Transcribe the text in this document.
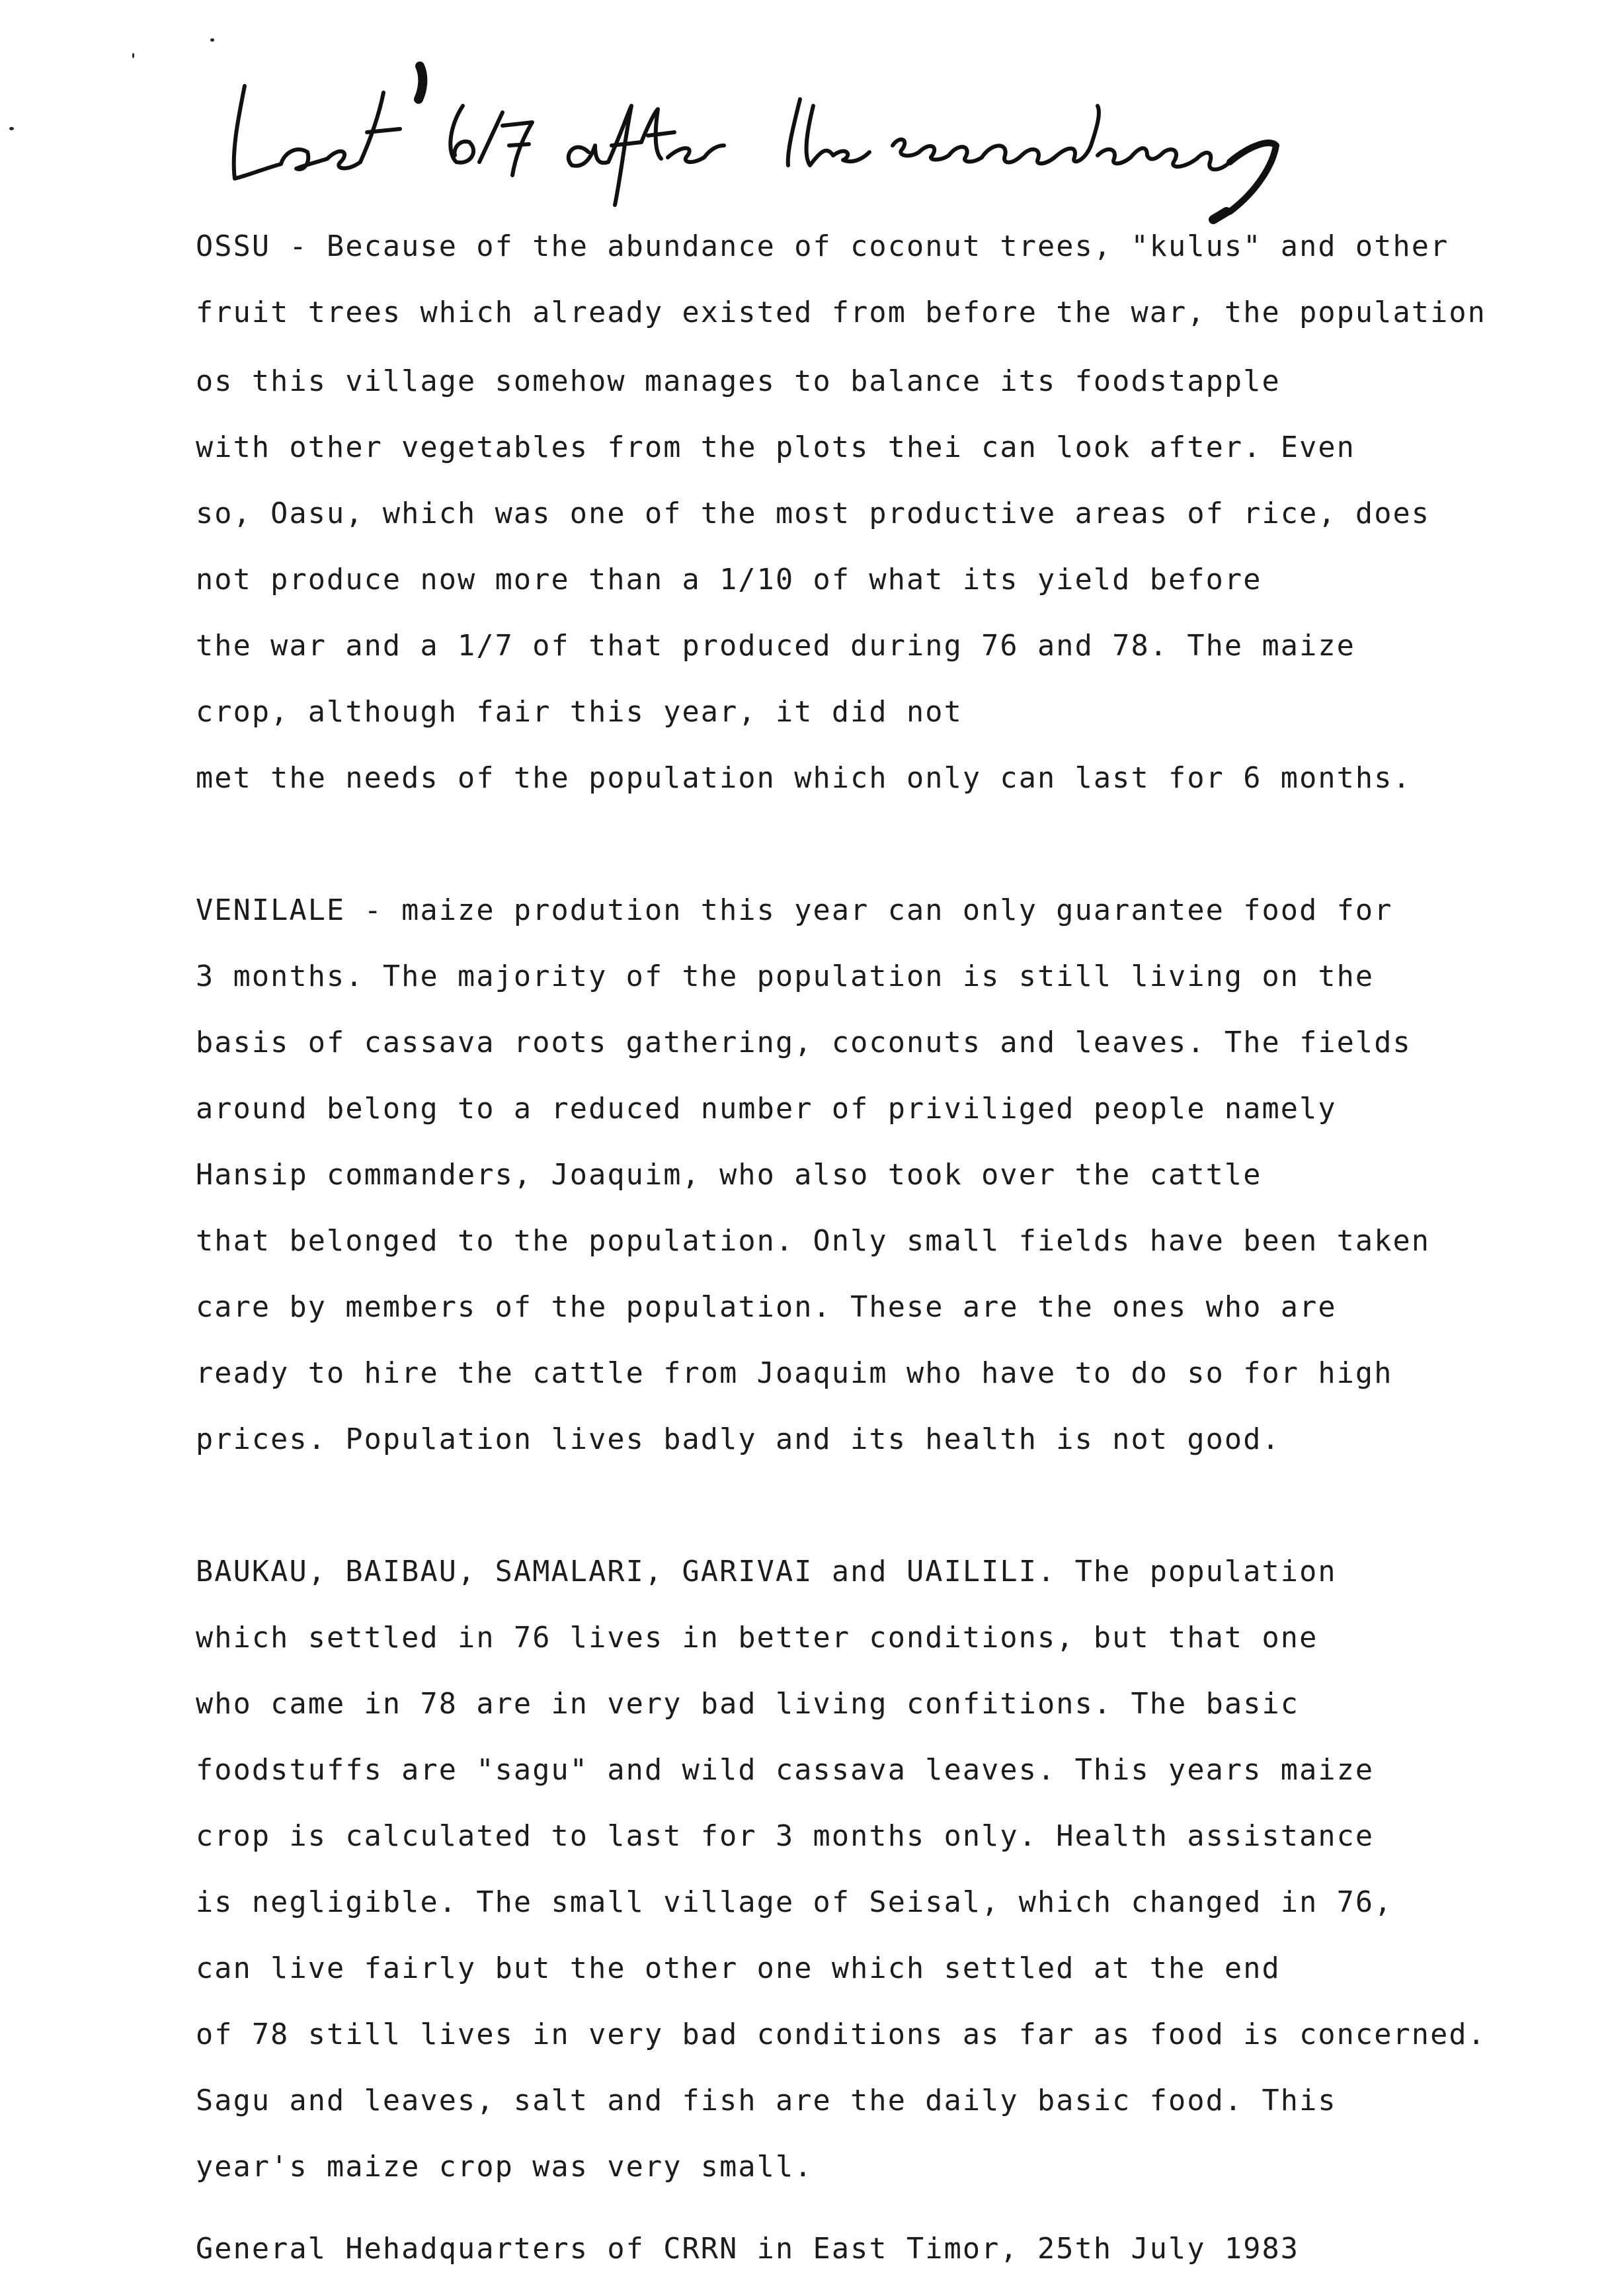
OSSU - Because of the abundance of coconut trees, "kulus" and other
fruit trees which already existed from before the war, the population
os this village somehow manages to balance its foodstapple
with other vegetables from the plots thei can look after. Even
so, Oasu, which was one of the most productive areas of rice, does
not produce now more than a 1/10 of what its yield before
the war and a 1/7 of that produced during 76 and 78. The maize
crop, although fair this year, it did not
met the needs of the population which only can last for 6 months.
VENILALE - maize prodution this year can only guarantee food for
3 months. The majority of the population is still living on the
basis of cassava roots gathering, coconuts and leaves. The fields
around belong to a reduced number of priviliged people namely
Hansip commanders, Joaquim, who also took over the cattle
that belonged to the population. Only small fields have been taken
care by members of the population. These are the ones who are
ready to hire the cattle from Joaquim who have to do so for high
prices. Population lives badly and its health is not good.
BAUKAU, BAIBAU, SAMALARI, GARIVAI and UAILILI. The population
which settled in 76 lives in better conditions, but that one
who came in 78 are in very bad living confitions. The basic
foodstuffs are "sagu" and wild cassava leaves. This years maize
crop is calculated to last for 3 months only. Health assistance
is negligible. The small village of Seisal, which changed in 76,
can live fairly but the other one which settled at the end
of 78 still lives in very bad conditions as far as food is concerned.
Sagu and leaves, salt and fish are the daily basic food. This
year's maize crop was very small.
General Hehadquarters of CRRN in East Timor, 25th July 1983
